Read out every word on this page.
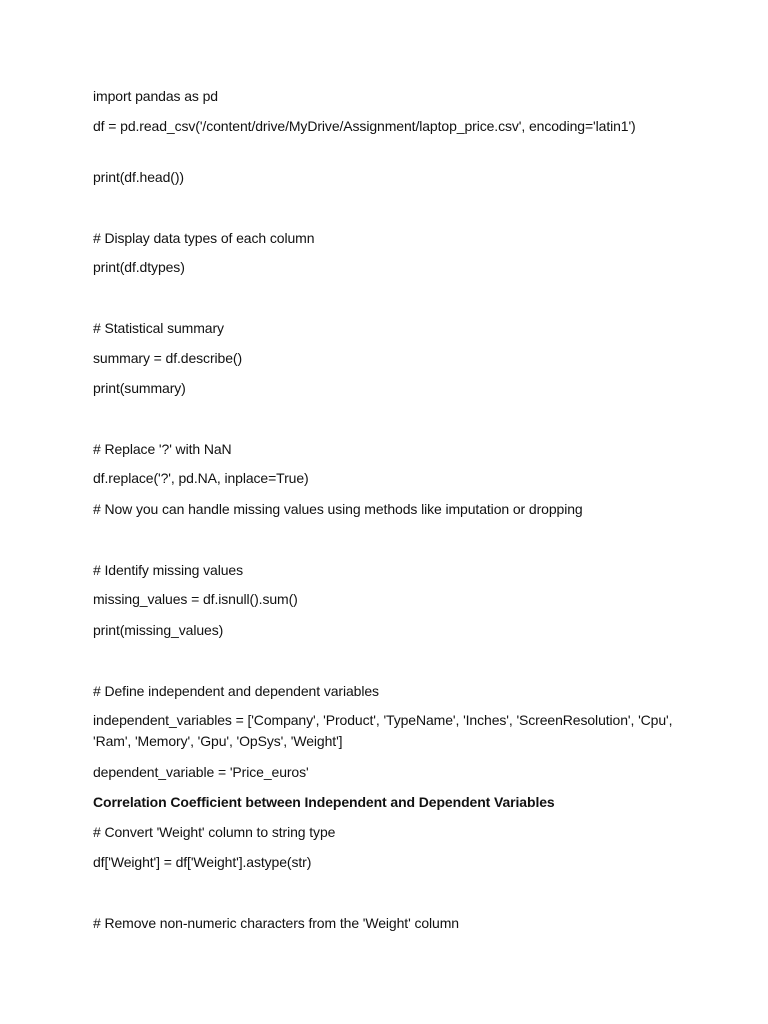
import pandas as pd
df = pd.read_csv('/content/drive/MyDrive/Assignment/laptop_price.csv', encoding='latin1')
print(df.head())
# Display data types of each column
print(df.dtypes)
# Statistical summary
summary = df.describe()
print(summary)
# Replace '?' with NaN
df.replace('?', pd.NA, inplace=True)
# Now you can handle missing values using methods like imputation or dropping
# Identify missing values
missing_values = df.isnull().sum()
print(missing_values)
# Define independent and dependent variables
independent_variables = ['Company', 'Product', 'TypeName', 'Inches', 'ScreenResolution', 'Cpu', 'Ram', 'Memory', 'Gpu', 'OpSys', 'Weight']
dependent_variable = 'Price_euros'
Correlation Coefficient between Independent and Dependent Variables
# Convert 'Weight' column to string type
df['Weight'] = df['Weight'].astype(str)
# Remove non-numeric characters from the 'Weight' column
